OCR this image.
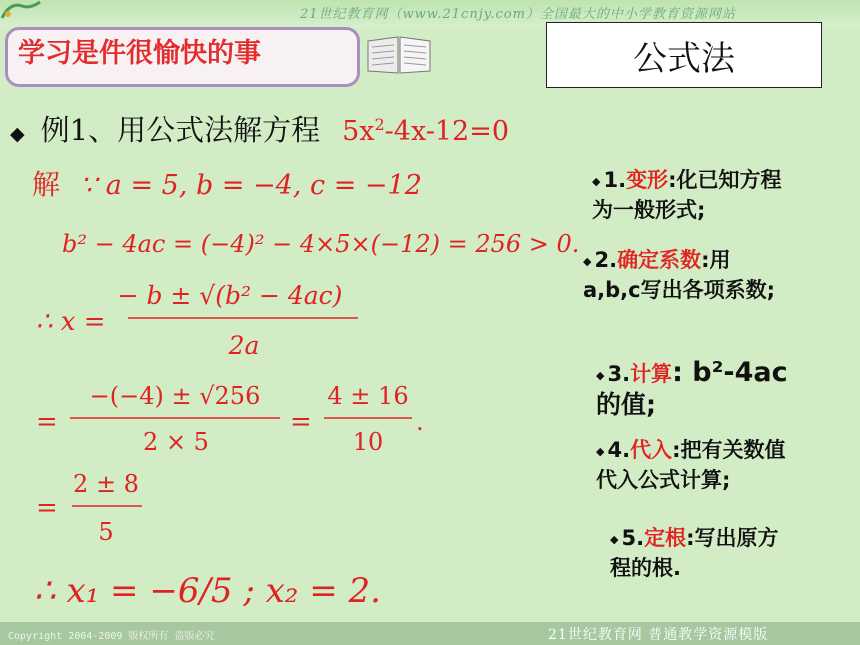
21世纪教育网（www.21cnjy.com）全国最大的中小学教育资源网站
学习是件很愉快的事	公式法
◆ 例1、用公式法解方程 $5x^2-4x-12=0$
解 ∵ a = 5, b = −4, c = −12
b² − 4ac = (−4)² − 4×5×(−12) = 256 > 0.
∴ x =
− b ± √(b² − 4ac)
2a
=
−(−4) ± √256
2 × 5
=
4 ± 16
10
.
=
2 ± 8
5
∴ x₁ = −6/5 ; x₂ = 2.
◆ 1.变形:化已知方程
为一般形式;
◆ 2.确定系数:用
a,b,c写出各项系数;
◆ 3.计算: b²-4ac
的值;
◆ 4.代入:把有关数值
代入公式计算;
◆ 5.定根:写出原方
程的根.
Copyright 2004-2009 版权所有 盗版必究	21世纪教育网 普通教学资源模版
